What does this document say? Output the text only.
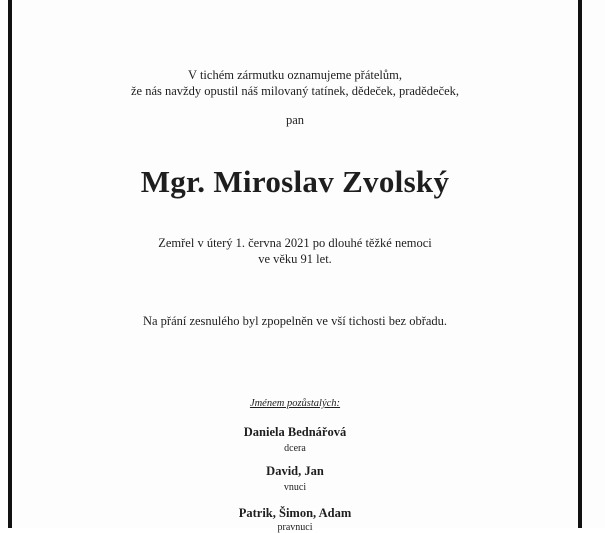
V tichém zármutku oznamujeme přátelům,
že nás navždy opustil náš milovaný tatínek, dědeček, pradědeček,
pan
Mgr. Miroslav Zvolský
Zemřel v úterý 1. června 2021 po dlouhé těžké nemoci
ve věku 91 let.
Na přání zesnulého byl zpopelněn ve vší tichosti bez obřadu.
Jménem pozůstalých:
Daniela Bednářová
dcera
David, Jan
vnuci
Patrik, Šimon, Adam
pravnuci
